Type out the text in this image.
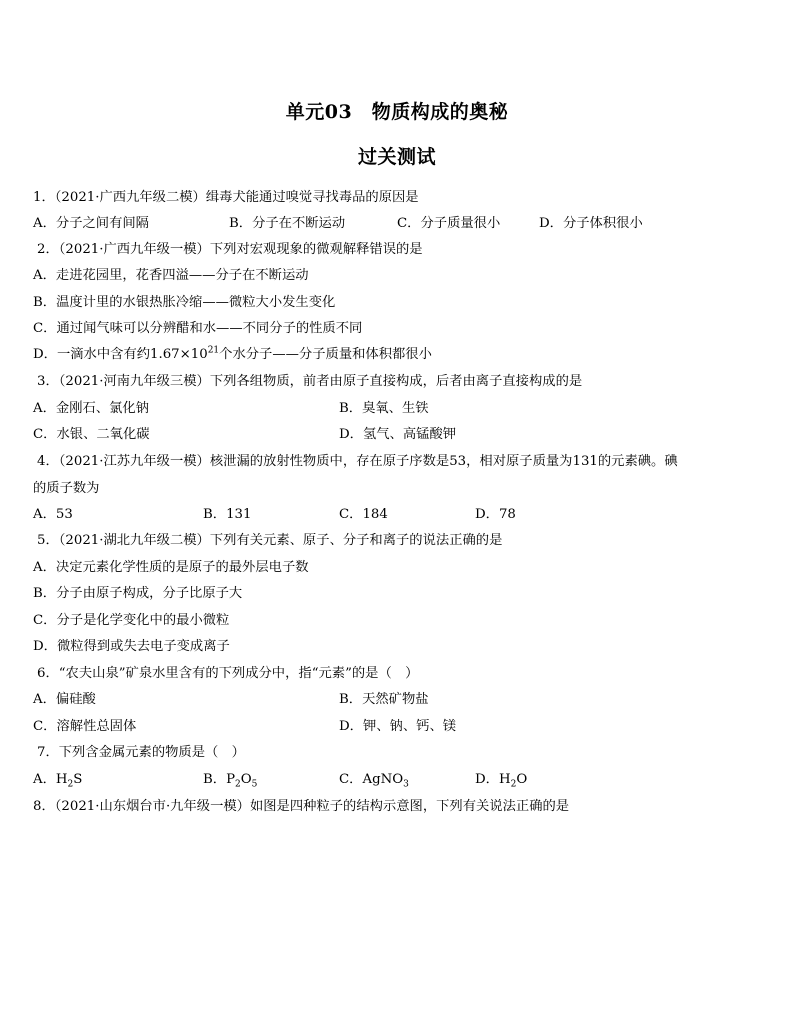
单元03　物质构成的奥秘
过关测试
1．（2021·广西九年级二模）缉毒犬能通过嗅觉寻找毒品的原因是
A．分子之间有间隔	B．分子在不断运动	C．分子质量很小	D．分子体积很小
2．（2021·广西九年级一模）下列对宏观现象的微观解释错误的是
A．走进花园里，花香四溢——分子在不断运动
B．温度计里的水银热胀冷缩——微粒大小发生变化
C．通过闻气味可以分辨醋和水——不同分子的性质不同
D．一滴水中含有约$1.67\times 10^{21}$个水分子——分子质量和体积都很小
3．（2021·河南九年级三模）下列各组物质，前者由原子直接构成，后者由离子直接构成的是
A．金刚石、氯化钠	B．臭氧、生铁
C．水银、二氧化碳	D．氢气、高锰酸钾
4．（2021·江苏九年级一模）核泄漏的放射性物质中，存在原子序数是53，相对原子质量为131的元素碘。碘
的质子数为
A．53	B．131	C．184	D．78
5．（2021·湖北九年级二模）下列有关元素、原子、分子和离子的说法正确的是
A．决定元素化学性质的是原子的最外层电子数
B．分子由原子构成，分子比原子大
C．分子是化学变化中的最小微粒
D．微粒得到或失去电子变成离子
6．“农夫山泉”矿泉水里含有的下列成分中，指“元素”的是（　）
A．偏硅酸	B．天然矿物盐
C．溶解性总固体	D．钾、钠、钙、镁
7．下列含金属元素的物质是（　）
A．$H_2S$	B．$P_2O_5$	C．AgNO$_3$	D．$H_2O$
8．（2021·山东烟台市·九年级一模）如图是四种粒子的结构示意图，下列有关说法正确的是
